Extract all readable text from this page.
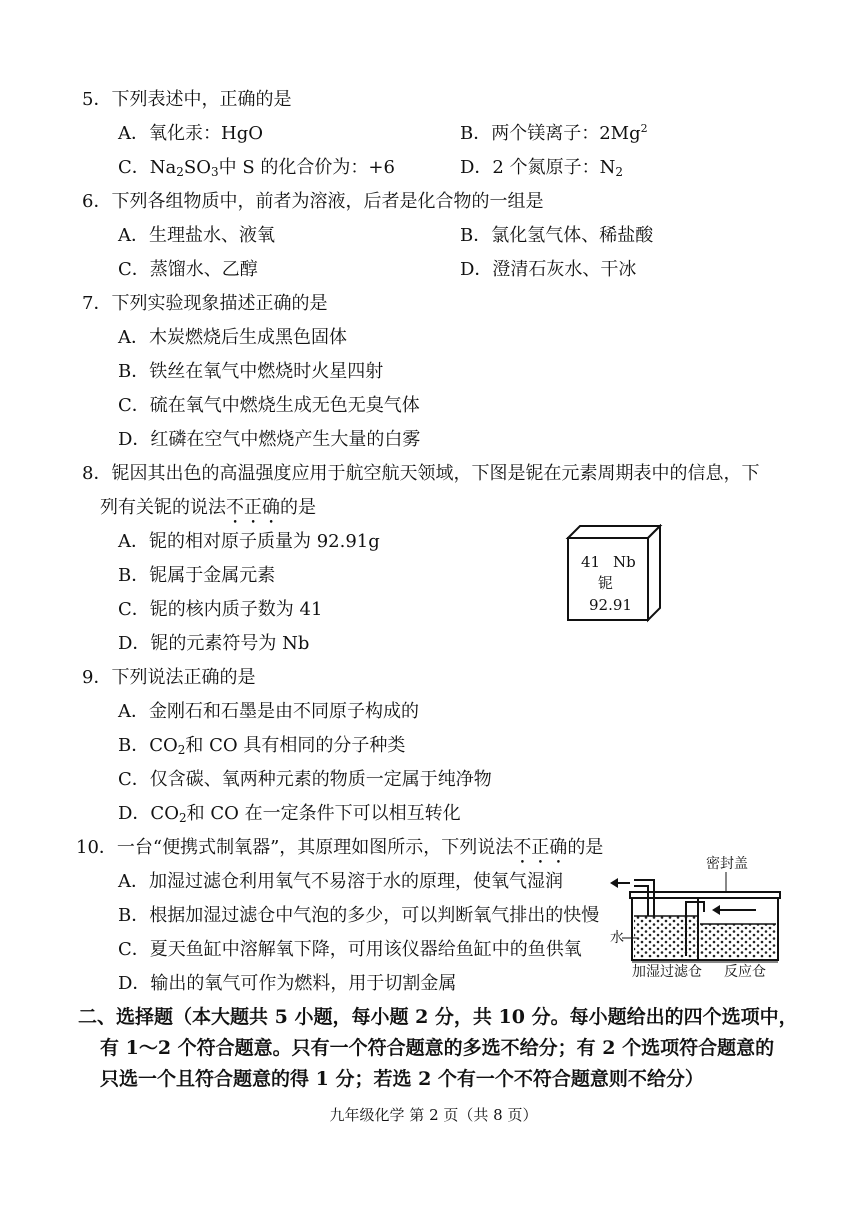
5．下列表述中，正确的是
A．氧化汞：HgO	B．两个镁离子：2Mg$^2$
C．$Na_2SO_3$中 S 的化合价为：+6	D．2 个氮原子：$N_2$
6．下列各组物质中，前者为溶液，后者是化合物的一组是
A．生理盐水、液氧	B．氯化氢气体、稀盐酸
C．蒸馏水、乙醇	D．澄清石灰水、干冰
7．下列实验现象描述正确的是
A．木炭燃烧后生成黑色固体
B．铁丝在氧气中燃烧时火星四射
C．硫在氧气中燃烧生成无色无臭气体
D．红磷在空气中燃烧产生大量的白雾
8．铌因其出色的高温强度应用于航空航天领域，下图是铌在元素周期表中的信息，下
列有关铌的说法不正确的是
A．铌的相对原子质量为 92.91g
B．铌属于金属元素
C．铌的核内质子数为 41
D．铌的元素符号为 Nb
41 Nb
铌
92.91
9．下列说法正确的是
A．金刚石和石墨是由不同原子构成的
B．$CO_2$和 CO 具有相同的分子种类
C．仅含碳、氧两种元素的物质一定属于纯净物
D．$CO_2$和 CO 在一定条件下可以相互转化
10．一台“便携式制氧器”，其原理如图所示，下列说法不正确的是
A．加湿过滤仓利用氧气不易溶于水的原理，使氧气湿润
B．根据加湿过滤仓中气泡的多少，可以判断氧气排出的快慢
C．夏天鱼缸中溶解氧下降，可用该仪器给鱼缸中的鱼供氧
D．输出的氧气可作为燃料，用于切割金属
密封盖
水
加湿过滤仓 反应仓
二、选择题（本大题共 5 小题，每小题 2 分，共 10 分。每小题给出的四个选项中，
有 1～2 个符合题意。只有一个符合题意的多选不给分；有 2 个选项符合题意的
只选一个且符合题意的得 1 分；若选 2 个有一个不符合题意则不给分）
九年级化学 第 2 页（共 8 页）
